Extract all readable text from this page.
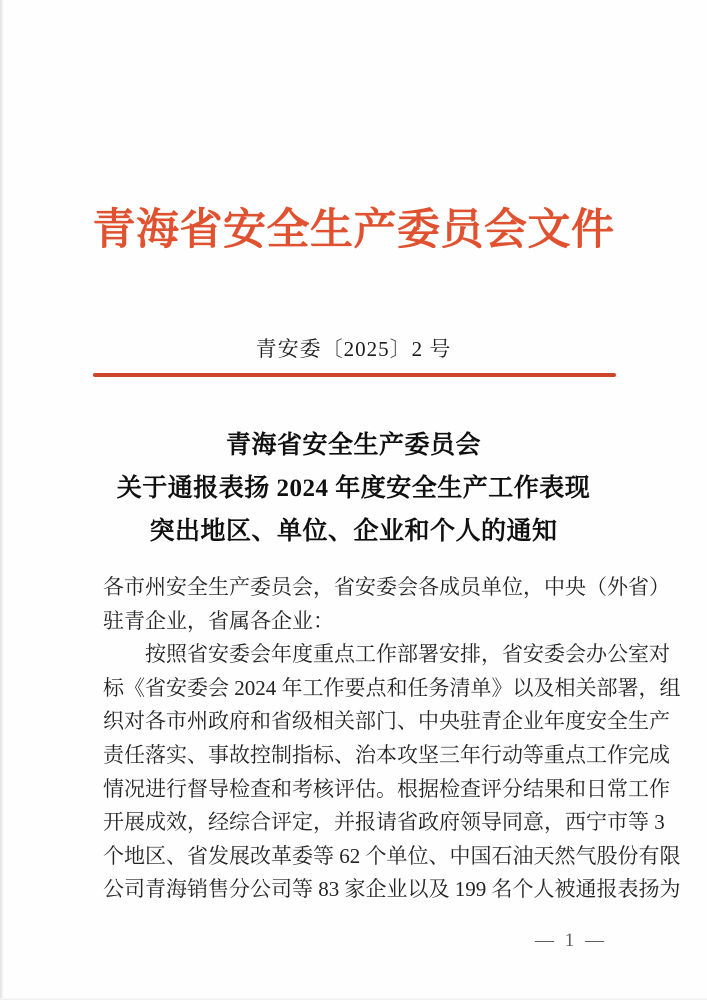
青海省安全生产委员会文件
青安委〔2025〕2 号
青海省安全生产委员会
关于通报表扬 2024 年度安全生产工作表现
突出地区、单位、企业和个人的通知
各市州安全生产委员会，省安委会各成员单位，中央（外省）
驻青企业，省属各企业：
按照省安委会年度重点工作部署安排，省安委会办公室对
标《省安委会 2024 年工作要点和任务清单》以及相关部署，组
织对各市州政府和省级相关部门、中央驻青企业年度安全生产
责任落实、事故控制指标、治本攻坚三年行动等重点工作完成
情况进行督导检查和考核评估。根据检查评分结果和日常工作
开展成效，经综合评定，并报请省政府领导同意，西宁市等 3
个地区、省发展改革委等 62 个单位、中国石油天然气股份有限
公司青海销售分公司等 83 家企业以及 199 名个人被通报表扬为
— 1 —
